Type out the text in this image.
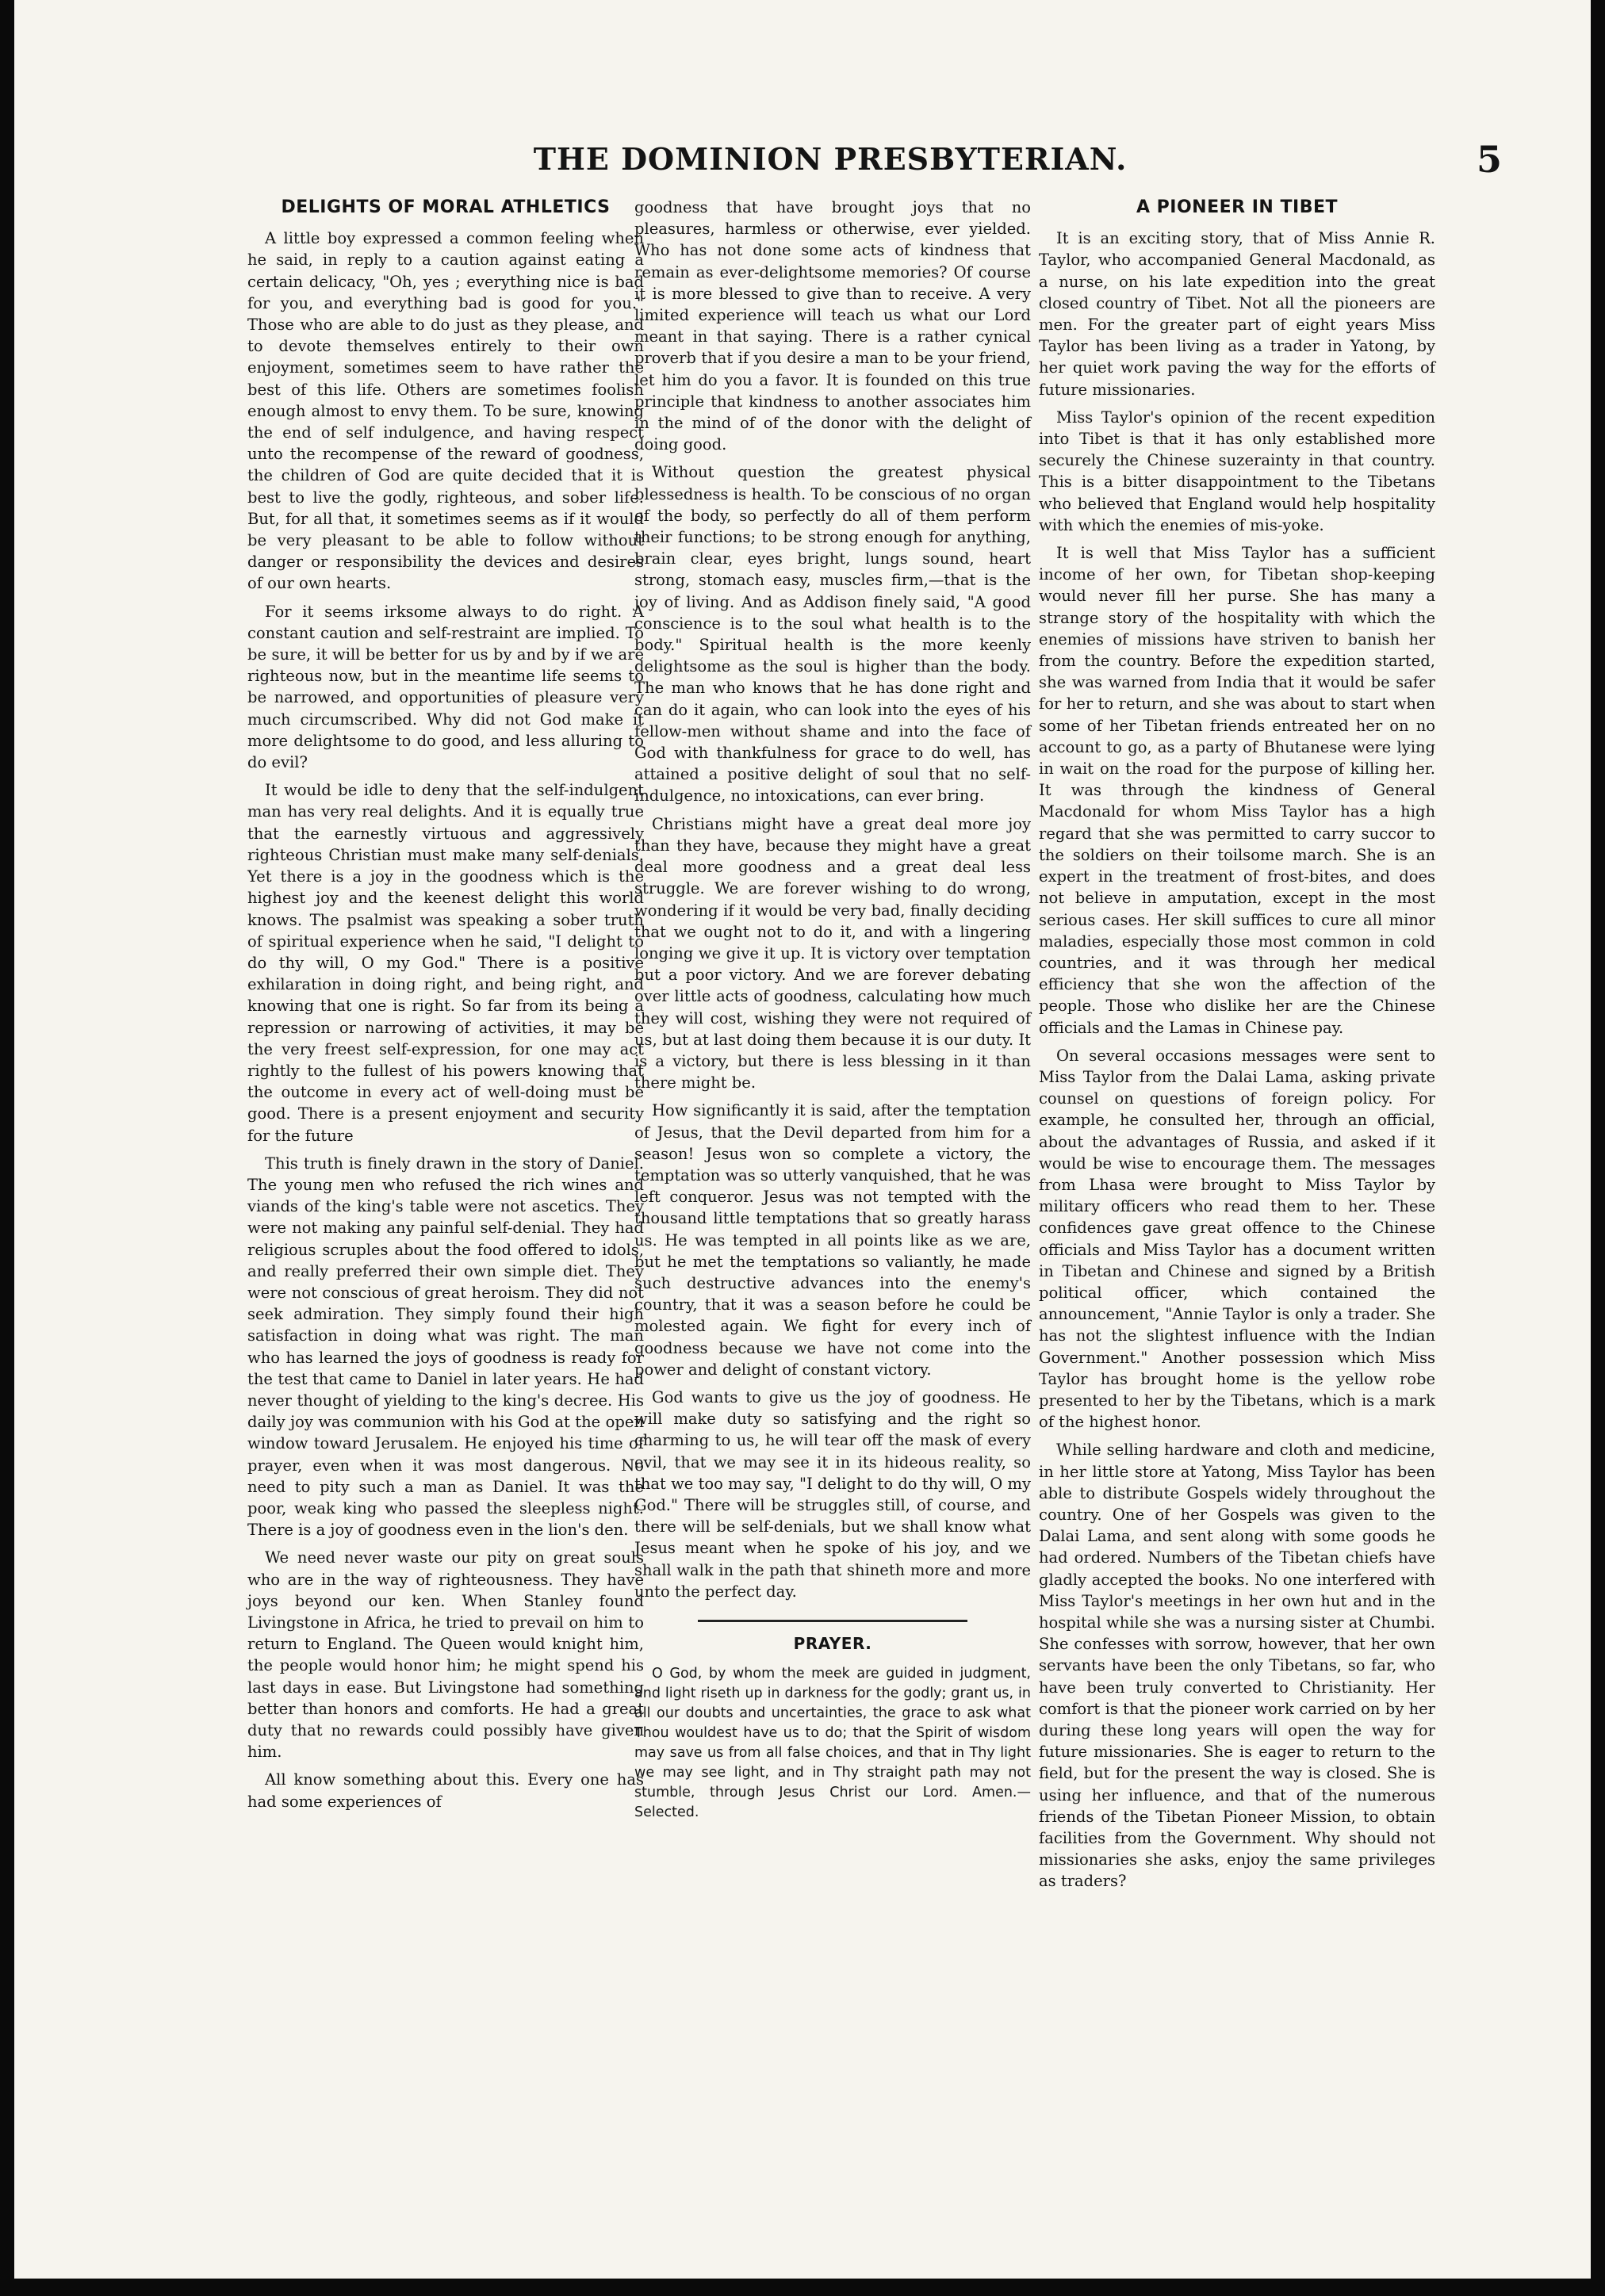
THE DOMINION PRESBYTERIAN.	5
DELIGHTS OF MORAL ATHLETICS

A little boy expressed a common feeling when he said, in reply to a caution against eating a certain delicacy, "Oh, yes ; everything nice is bad for you, and everything bad is good for you." Those who are able to do just as they please, and to devote themselves entirely to their own enjoyment, sometimes seem to have rather the best of this life. Others are sometimes foolish enough almost to envy them. To be sure, knowing the end of self indulgence, and having respect unto the recompense of the reward of goodness, the children of God are quite decided that it is best to live the godly, righteous, and sober life. But, for all that, it sometimes seems as if it would be very pleasant to be able to follow without danger or responsibility the devices and desires of our own hearts.

For it seems irksome always to do right. A constant caution and self-restraint are implied. To be sure, it will be better for us by and by if we are righteous now, but in the meantime life seems to be narrowed, and opportunities of pleasure very much circumscribed. Why did not God make it more delightsome to do good, and less alluring to do evil?

It would be idle to deny that the self-indulgent man has very real delights. And it is equally true that the earnestly virtuous and aggressively righteous Christian must make many self-denials. Yet there is a joy in the goodness which is the highest joy and the keenest delight this world knows. The psalmist was speaking a sober truth of spiritual experience when he said, "I delight to do thy will, O my God." There is a positive exhilaration in doing right, and being right, and knowing that one is right. So far from its being a repression or narrowing of activities, it may be the very freest self-expression, for one may act rightly to the fullest of his powers knowing that the outcome in every act of well-doing must be good. There is a present enjoyment and security for the future

This truth is finely drawn in the story of Daniel. The young men who refused the rich wines and viands of the king's table were not ascetics. They were not making any painful self-denial. They had religious scruples about the food offered to idols, and really preferred their own simple diet. They were not conscious of great heroism. They did not seek admiration. They simply found their high satisfaction in doing what was right. The man who has learned the joys of goodness is ready for the test that came to Daniel in later years. He had never thought of yielding to the king's decree. His daily joy was communion with his God at the open window toward Jerusalem. He enjoyed his time of prayer, even when it was most dangerous. No need to pity such a man as Daniel. It was the poor, weak king who passed the sleepless night. There is a joy of goodness even in the lion's den.

We need never waste our pity on great souls who are in the way of righteousness. They have joys beyond our ken. When Stanley found Livingstone in Africa, he tried to prevail on him to return to England. The Queen would knight him, the people would honor him; he might spend his last days in ease. But Livingstone had something better than honors and comforts. He had a great duty that no rewards could possibly have given him.

All know something about this. Every one has had some experiences of

goodness that have brought joys that no pleasures, harmless or otherwise, ever yielded. Who has not done some acts of kindness that remain as ever-delightsome memories? Of course it is more blessed to give than to receive. A very limited experience will teach us what our Lord meant in that saying. There is a rather cynical proverb that if you desire a man to be your friend, let him do you a favor. It is founded on this true principle that kindness to another associates him in the mind of of the donor with the delight of doing good.

Without question the greatest physical blessedness is health. To be conscious of no organ of the body, so perfectly do all of them perform their functions; to be strong enough for anything, brain clear, eyes bright, lungs sound, heart strong, stomach easy, muscles firm,—that is the joy of living. And as Addison finely said, "A good conscience is to the soul what health is to the body." Spiritual health is the more keenly delightsome as the soul is higher than the body. The man who knows that he has done right and can do it again, who can look into the eyes of his fellow-men without shame and into the face of God with thankfulness for grace to do well, has attained a positive delight of soul that no self-indulgence, no intoxications, can ever bring.

Christians might have a great deal more joy than they have, because they might have a great deal more goodness and a great deal less struggle. We are forever wishing to do wrong, wondering if it would be very bad, finally deciding that we ought not to do it, and with a lingering longing we give it up. It is victory over temptation but a poor victory. And we are forever debating over little acts of goodness, calculating how much they will cost, wishing they were not required of us, but at last doing them because it is our duty. It is a victory, but there is less blessing in it than there might be.

How significantly it is said, after the temptation of Jesus, that the Devil departed from him for a season! Jesus won so complete a victory, the temptation was so utterly vanquished, that he was left conqueror. Jesus was not tempted with the thousand little temptations that so greatly harass us. He was tempted in all points like as we are, but he met the temptations so valiantly, he made such destructive advances into the enemy's country, that it was a season before he could be molested again. We fight for every inch of goodness because we have not come into the power and delight of constant victory.

God wants to give us the joy of goodness. He will make duty so satisfying and the right so charming to us, he will tear off the mask of every evil, that we may see it in its hideous reality, so that we too may say, "I delight to do thy will, O my God." There will be struggles still, of course, and there will be self-denials, but we shall know what Jesus meant when he spoke of his joy, and we shall walk in the path that shineth more and more unto the perfect day.

PRAYER.

O God, by whom the meek are guided in judgment, and light riseth up in darkness for the godly; grant us, in all our doubts and uncertainties, the grace to ask what Thou wouldest have us to do; that the Spirit of wisdom may save us from all false choices, and that in Thy light we may see light, and in Thy straight path may not stumble, through Jesus Christ our Lord. Amen.—Selected.

A PIONEER IN TIBET

It is an exciting story, that of Miss Annie R. Taylor, who accompanied General Macdonald, as a nurse, on his late expedition into the great closed country of Tibet. Not all the pioneers are men. For the greater part of eight years Miss Taylor has been living as a trader in Yatong, by her quiet work paving the way for the efforts of future missionaries.

Miss Taylor's opinion of the recent expedition into Tibet is that it has only established more securely the Chinese suzerainty in that country. This is a bitter disappointment to the Tibetans who believed that England would help hospitality with which the enemies of mis-yoke.

It is well that Miss Taylor has a sufficient income of her own, for Tibetan shop-keeping would never fill her purse. She has many a strange story of the hospitality with which the enemies of missions have striven to banish her from the country. Before the expedition started, she was warned from India that it would be safer for her to return, and she was about to start when some of her Tibetan friends entreated her on no account to go, as a party of Bhutanese were lying in wait on the road for the purpose of killing her. It was through the kindness of General Macdonald for whom Miss Taylor has a high regard that she was permitted to carry succor to the soldiers on their toilsome march. She is an expert in the treatment of frost-bites, and does not believe in amputation, except in the most serious cases. Her skill suffices to cure all minor maladies, especially those most common in cold countries, and it was through her medical efficiency that she won the affection of the people. Those who dislike her are the Chinese officials and the Lamas in Chinese pay.

On several occasions messages were sent to Miss Taylor from the Dalai Lama, asking private counsel on questions of foreign policy. For example, he consulted her, through an official, about the advantages of Russia, and asked if it would be wise to encourage them. The messages from Lhasa were brought to Miss Taylor by military officers who read them to her. These confidences gave great offence to the Chinese officials and Miss Taylor has a document written in Tibetan and Chinese and signed by a British political officer, which contained the announcement, "Annie Taylor is only a trader. She has not the slightest influence with the Indian Government." Another possession which Miss Taylor has brought home is the yellow robe presented to her by the Tibetans, which is a mark of the highest honor.

While selling hardware and cloth and medicine, in her little store at Yatong, Miss Taylor has been able to distribute Gospels widely throughout the country. One of her Gospels was given to the Dalai Lama, and sent along with some goods he had ordered. Numbers of the Tibetan chiefs have gladly accepted the books. No one interfered with Miss Taylor's meetings in her own hut and in the hospital while she was a nursing sister at Chumbi. She confesses with sorrow, however, that her own servants have been the only Tibetans, so far, who have been truly converted to Christianity. Her comfort is that the pioneer work carried on by her during these long years will open the way for future missionaries. She is eager to return to the field, but for the present the way is closed. She is using her influence, and that of the numerous friends of the Tibetan Pioneer Mission, to obtain facilities from the Government. Why should not missionaries she asks, enjoy the same privileges as traders?
